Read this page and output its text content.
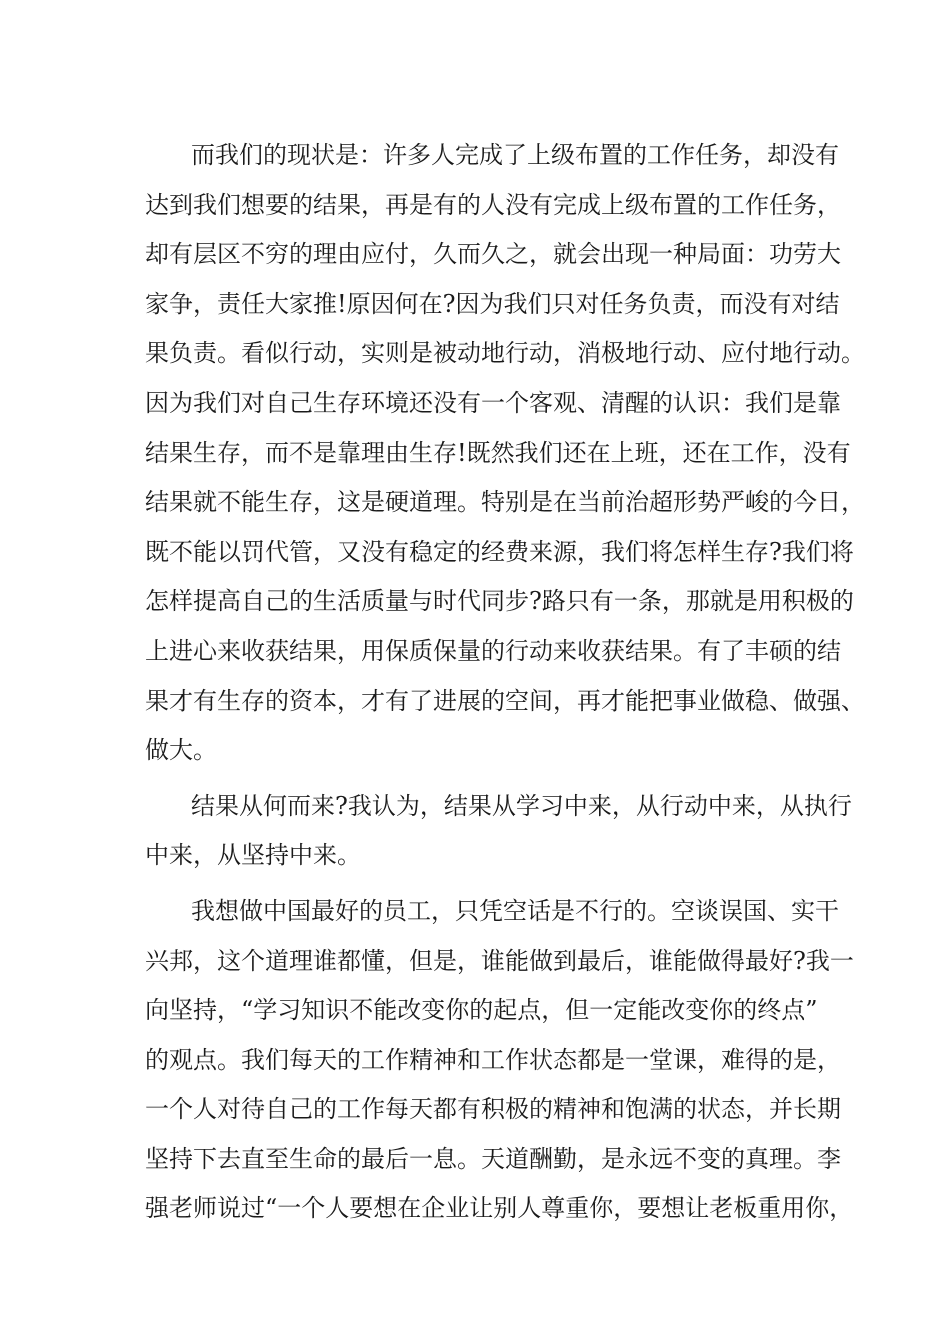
而我们的现状是：许多人完成了上级布置的工作任务，却没有
达到我们想要的结果，再是有的人没有完成上级布置的工作任务，
却有层区不穷的理由应付，久而久之，就会出现一种局面：功劳大
家争，责任大家推!原因何在?因为我们只对任务负责，而没有对结
果负责。看似行动，实则是被动地行动，消极地行动、应付地行动。
因为我们对自己生存环境还没有一个客观、清醒的认识：我们是靠
结果生存，而不是靠理由生存!既然我们还在上班，还在工作，没有
结果就不能生存，这是硬道理。特别是在当前治超形势严峻的今日，
既不能以罚代管，又没有稳定的经费来源，我们将怎样生存?我们将
怎样提高自己的生活质量与时代同步?路只有一条，那就是用积极的
上进心来收获结果，用保质保量的行动来收获结果。有了丰硕的结
果才有生存的资本，才有了进展的空间，再才能把事业做稳、做强、
做大。
结果从何而来?我认为，结果从学习中来，从行动中来，从执行
中来，从坚持中来。
我想做中国最好的员工，只凭空话是不行的。空谈误国、实干
兴邦，这个道理谁都懂，但是，谁能做到最后，谁能做得最好?我一
向坚持，“学习知识不能改变你的起点，但一定能改变你的终点”
的观点。我们每天的工作精神和工作状态都是一堂课，难得的是，
一个人对待自己的工作每天都有积极的精神和饱满的状态，并长期
坚持下去直至生命的最后一息。天道酬勤，是永远不变的真理。李
强老师说过“一个人要想在企业让别人尊重你，要想让老板重用你，
